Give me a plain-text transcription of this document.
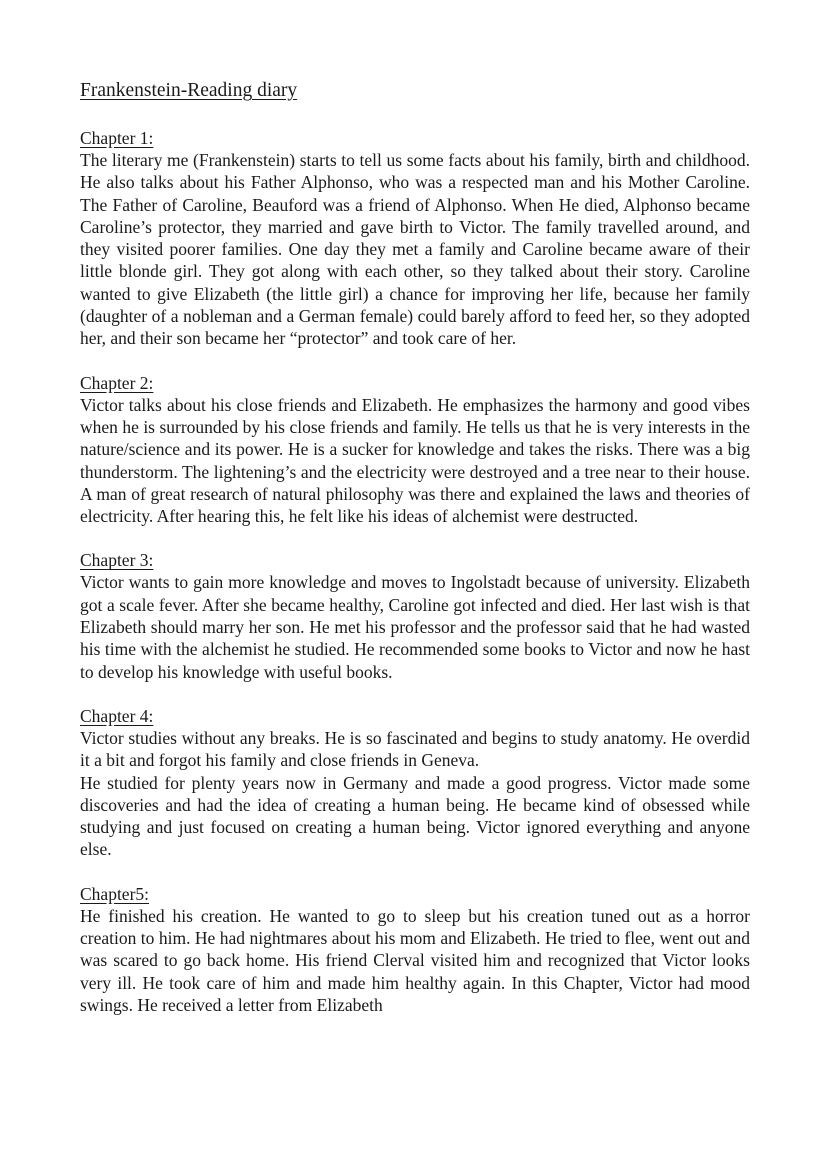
Frankenstein-Reading diary

Chapter 1:

The literary me (Frankenstein) starts to tell us some facts about his family, birth and childhood. He also talks about his Father Alphonso, who was a respected man and his Mother Caroline. The Father of Caroline, Beauford was a friend of Alphonso. When He died, Alphonso became Caroline’s protector, they married and gave birth to Victor. The family travelled around, and they visited poorer families. One day they met a family and Caroline became aware of their little blonde girl. They got along with each other, so they talked about their story. Caroline wanted to give Elizabeth (the little girl) a chance for improving her life, because her family (daughter of a nobleman and a German female) could barely afford to feed her, so they adopted her, and their son became her “protector” and took care of her.

Chapter 2:

Victor talks about his close friends and Elizabeth. He emphasizes the harmony and good vibes when he is surrounded by his close friends and family. He tells us that he is very interests in the nature/science and its power. He is a sucker for knowledge and takes the risks. There was a big thunderstorm. The lightening’s and the electricity were destroyed and a tree near to their house. A man of great research of natural philosophy was there and explained the laws and theories of electricity. After hearing this, he felt like his ideas of alchemist were destructed.

Chapter 3:

Victor wants to gain more knowledge and moves to Ingolstadt because of university. Elizabeth got a scale fever. After she became healthy, Caroline got infected and died. Her last wish is that Elizabeth should marry her son. He met his professor and the professor said that he had wasted his time with the alchemist he studied. He recommended some books to Victor and now he hast to develop his knowledge with useful books.

Chapter 4:

Victor studies without any breaks. He is so fascinated and begins to study anatomy. He overdid it a bit and forgot his family and close friends in Geneva.

He studied for plenty years now in Germany and made a good progress. Victor made some discoveries and had the idea of creating a human being. He became kind of obsessed while studying and just focused on creating a human being. Victor ignored everything and anyone else.

Chapter5:

He finished his creation. He wanted to go to sleep but his creation tuned out as a horror creation to him. He had nightmares about his mom and Elizabeth. He tried to flee, went out and was scared to go back home. His friend Clerval visited him and recognized that Victor looks very ill. He took care of him and made him healthy again. In this Chapter, Victor had mood swings. He received a letter from Elizabeth
